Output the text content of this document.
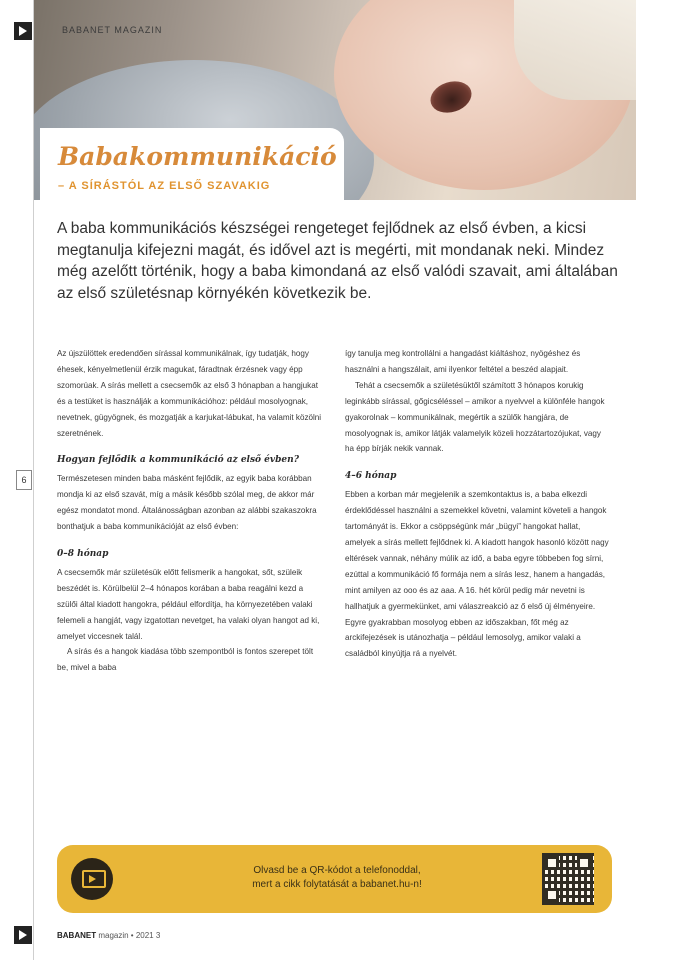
6
BABANET MAGAZIN
Babakommunikáció
– A SÍRÁSTÓL AZ ELSŐ SZAVAKIG
A baba kommunikációs készségei rengeteget fejlődnek az első évben, a kicsi megtanulja kifejezni magát, és idővel azt is megérti, mit mondanak neki. Mindez még azelőtt történik, hogy a baba kimondaná az első valódi szavait, ami általában az első születésnap környékén következik be.

Az újszülöttek eredendően sírással kommunikálnak, így tudatják, hogy éhesek, kényelmetlenül érzik magukat, fáradtnak érzésnek vagy épp szomorúak. A sírás mellett a csecsemők az első 3 hónapban a hangjukat és a testüket is használják a kommunikációhoz: például mosolyognak, nevetnek, gügyögnek, és mozgatják a karjukat-lábukat, ha valamit közölni szeretnének.

Hogyan fejlődik a kommunikáció az első évben?

Természetesen minden baba másként fejlődik, az egyik baba korábban mondja ki az első szavát, míg a másik később szólal meg, de akkor már egész mondatot mond. Általánosságban azonban az alábbi szakaszokra bonthatjuk a baba kommunikációját az első évben:

0–8 hónap

A csecsemők már születésük előtt felismerik a hangokat, sőt, szüleik beszédét is. Körülbelül 2–4 hónapos korában a baba reagálni kezd a szülői által kiadott hangokra, például elfordítja, ha környezetében valaki felemeli a hangját, vagy izgatottan nevetget, ha valaki olyan hangot ad ki, amelyet viccesnek talál.

A sírás és a hangok kiadása több szempontból is fontos szerepet tölt be, mivel a baba

így tanulja meg kontrollálni a hangadást kiáltáshoz, nyögéshez és használni a hangszálait, ami ilyenkor feltétel a beszéd alapjait.

Tehát a csecsemők a születésüktől számított 3 hónapos korukig leginkább sírással, gőgicséléssel – amikor a nyelvvel a különféle hangok gyakorolnak – kommunikálnak, megértik a szülők hangjára, de mosolyognak is, amikor látják valamelyik közeli hozzátartozójukat, vagy ha épp bírják nekik vannak.

4–6 hónap

Ebben a korban már megjelenik a szemkontaktus is, a baba elkezdi érdeklődéssel használni a szemekkel követni, valamint követeli a hangok tartományát is. Ekkor a csöppségünk már „bügyi” hangokat hallat, amelyek a sírás mellett fejlődnek ki. A kiadott hangok hasonló között nagy eltérések vannak, néhány múlik az idő, a baba egyre többeben fog sírni, ezúttal a kommunikáció fő formája nem a sírás lesz, hanem a hangadás, mint amilyen az ooo és az aaa. A 16. hét körül pedig már nevetni is hallhatjuk a gyermekünket, ami válaszreakció az ő első új élményeire. Egyre gyakrabban mosolyog ebben az időszakban, főt még az arckifejezések is utánozhatja – például lemosolyg, amikor valaki a családból kinyújtja rá a nyelvét.

Olvasd be a QR-kódot a telefonoddal,
mert a cikk folytatását a babanet.hu-n!
BABANET magazin • 2021 3
